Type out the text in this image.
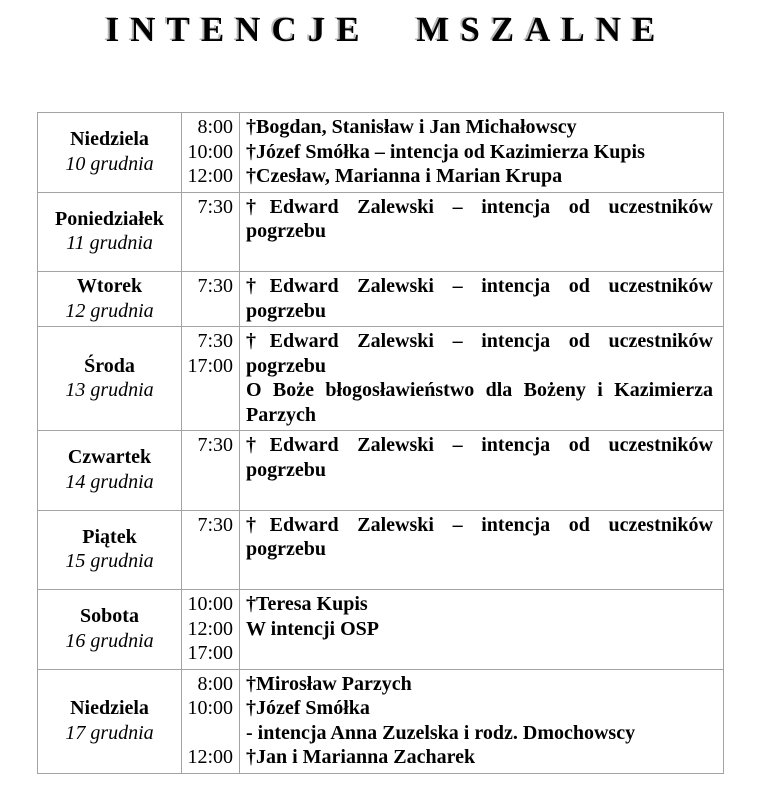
INTENCJE MSZALNE
Niedziela
10 grudnia
8:00
10:00
12:00

†Bogdan, Stanisław i Jan Michałowscy

†Józef Smółka – intencja od Kazimierza Kupis

†Czesław, Marianna i Marian Krupa

Poniedziałek
11 grudnia
7:30 †Edward Zalewski – intencja od uczestników pogrzebu

Wtorek
12 grudnia
7:30 †Edward Zalewski – intencja od uczestników pogrzebu

Środa
13 grudnia
7:30
17:00

†Edward Zalewski – intencja od uczestników pogrzebu

O Boże błogosławieństwo dla Bożeny i Kazimierza Parzych

Czwartek
14 grudnia
7:30 †Edward Zalewski – intencja od uczestników pogrzebu

Piątek
15 grudnia
7:30 †Edward Zalewski – intencja od uczestników pogrzebu

Sobota
16 grudnia
10:00
12:00
17:00

†Teresa Kupis

W intencji OSP

Niedziela
17 grudnia
8:00
10:00

12:00

†Mirosław Parzych

†Józef Smółka

- intencja Anna Zuzelska i rodz. Dmochowscy

†Jan i Marianna Zacharek
